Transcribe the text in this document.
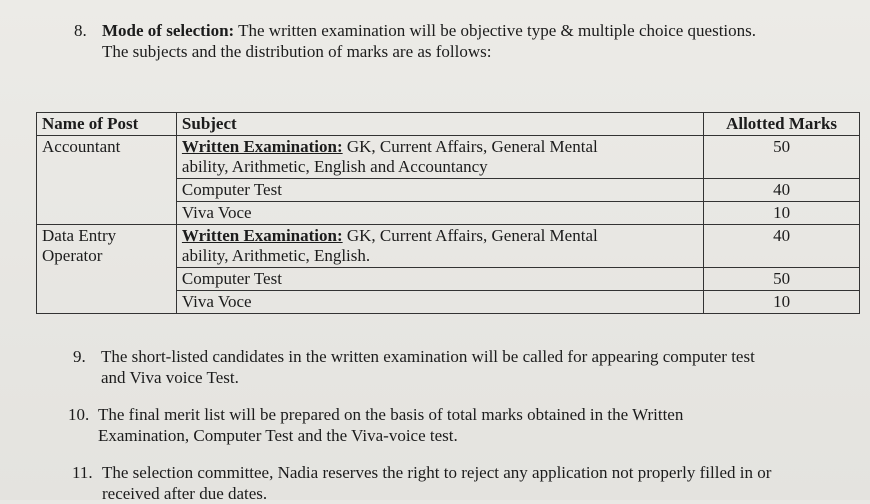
8. Mode of selection: The written examination will be objective type & multiple choice questions.
The subjects and the distribution of marks are as follows:
Name of Post	Subject	Allotted Marks
Accountant	Written Examination: GK, Current Affairs, General Mental
ability, Arithmetic, English and Accountancy	50
	Computer Test	40
	Viva Voce	10
Data Entry
Operator	Written Examination: GK, Current Affairs, General Mental
ability, Arithmetic, English.	40
	Computer Test	50
	Viva Voce	10
9. The short-listed candidates in the written examination will be called for appearing computer test
and Viva voice Test.
10. The final merit list will be prepared on the basis of total marks obtained in the Written
Examination, Computer Test and the Viva-voice test.
11. The selection committee, Nadia reserves the right to reject any application not properly filled in or
received after due dates.
